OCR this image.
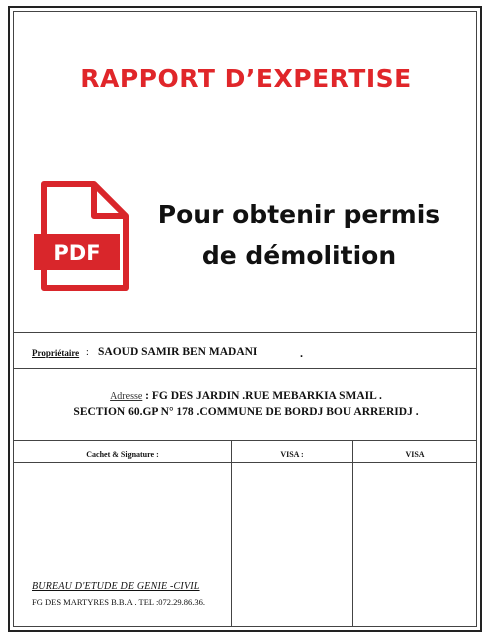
RAPPORT D’EXPERTISE
PDF
Pour obtenir permis
de démolition
Propriétaire : SAOUD SAMIR BEN MADANI	.
Adresse : FG DES JARDIN .RUE MEBARKIA SMAIL .
SECTION 60.GP N° 178 .COMMUNE DE BORDJ BOU ARRERIDJ .
Cachet & Signature :	VISA :	VISA
BUREAU D'ETUDE DE GENIE -CIVIL
FG DES MARTYRES B.B.A . TEL :072.29.86.36.
